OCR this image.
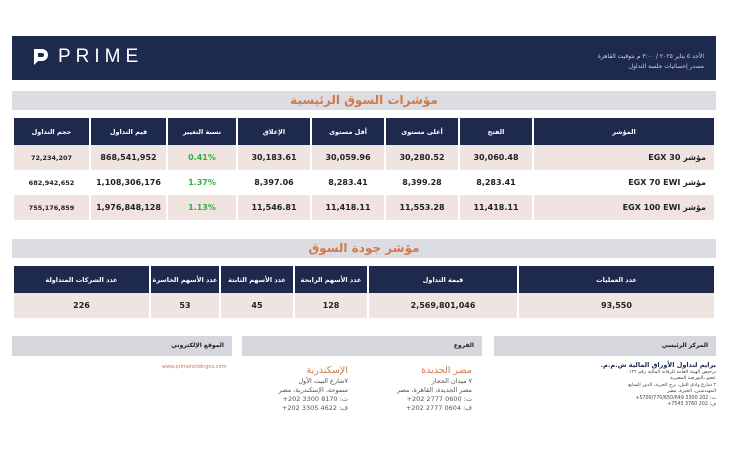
PRIME	الأحد ٥ يناير ٢٠٢٥ / ٣:٠٠ م بتوقيت القاهرة
مصدر إحصائيات جلسة التداول
مؤشرات السوق الرئيسية
حجم التداول	قيم التداول	نسبة التغيير	الإغلاق	أقل مستوى	أعلى مستوى	الفتح	المؤشر
72,234,207	868,541,952	0.41%	30,183.61	30,059.96	30,280.52	30,060.48	مؤشر EGX 30
682,942,652	1,108,306,176	1.37%	8,397.06	8,283.41	8,399.28	8,283.41	مؤشر EGX 70 EWI
755,176,859	1,976,848,128	1.13%	11,546.81	11,418.11	11,553.28	11,418.11	مؤشر EGX 100 EWI
مؤشر جودة السوق
عدد الشركات المتداولة	عدد الأسهم الخاسرة	عدد الأسهم الثابتة	عدد الأسهم الرابحة	قيمة التداول	عدد العمليات
226	53	45	128	2,569,801,046	93,550
الموقع الإلكتروني	الفروع	المركز الرئيسي
www.primeholdingco.com	الإسكندرية
٧شارع البيت الأول
سموحة، الإسكندرية، مصر
ت: 8170 3300 202+
ف: 4622 3305 202+
مصر الجديدة
٧ ميدان الحجاز
مصر الجديدة، القاهرة، مصر
ت: 0600 2777 202+
ف: 0604 2777 202+
برايم لتداول الأوراق المالية ش.م.م.
ترخيص الهيئة العامة للرقابة المالية رقم ١٢٢
عضو بالبورصة المصرية
٢ شارع وادي النيل، برج الحرية، الدور السابع
المهندسين، الجيزة، مصر
ت: 202 3300 5700/770/650/649+
ف: 202 3760 7543+
